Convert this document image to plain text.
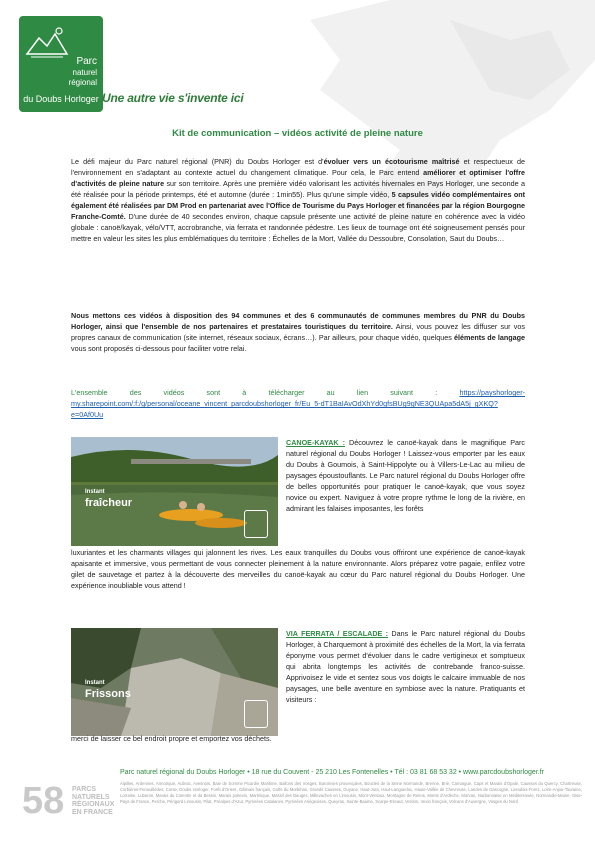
Parc
naturel
régional
du Doubs Horloger Une autre vie s'invente ici
Kit de communication – vidéos activité de pleine nature
Le défi majeur du Parc naturel régional (PNR) du Doubs Horloger est d'évoluer vers un écotourisme maîtrisé et respectueux de l'environnement en s'adaptant au contexte actuel du changement climatique. Pour cela, le Parc entend améliorer et optimiser l'offre d'activités de pleine nature sur son territoire. Après une première vidéo valorisant les activités hivernales en Pays Horloger, une seconde a été réalisée pour la période printemps, été et automne (durée : 1min55). Plus qu'une simple vidéo, 5 capsules vidéo complémentaires ont également été réalisées par DM Prod en partenariat avec l'Office de Tourisme du Pays Horloger et financées par la région Bourgogne Franche-Comté. D'une durée de 40 secondes environ, chaque capsule présente une activité de pleine nature en cohérence avec la vidéo globale : canoë/kayak, vélo/VTT, accrobranche, via ferrata et randonnée pédestre. Les lieux de tournage ont été soigneusement pensés pour mettre en valeur les sites les plus emblématiques du territoire : Échelles de la Mort, Vallée du Dessoubre, Consolation, Saut du Doubs…
Nous mettons ces vidéos à disposition des 94 communes et des 6 communautés de communes membres du PNR du Doubs Horloger, ainsi que l'ensemble de nos partenaires et prestataires touristiques du territoire. Ainsi, vous pouvez les diffuser sur vos propres canaux de communication (site internet, réseaux sociaux, écrans…). Par ailleurs, pour chaque vidéo, quelques éléments de langage vous sont proposés ci-dessous pour faciliter votre relai.
L'ensemble des vidéos sont à télécharger au lien suivant : https://payshorloger-my.sharepoint.com/:f:/g/personal/oceane_vincent_parcdoubshorloger_fr/Eu_5-dT1BaIAvOdXhYd0gfsBUg9gNE3QUApa5dA5j_gXKQ?e=0Af0Uu
Instant
fraîcheur
CANOE-KAYAK : Découvrez le canoë-kayak dans le magnifique Parc naturel régional du Doubs Horloger ! Laissez-vous emporter par les eaux du Doubs à Goumois, à Saint-Hippolyte ou à Villers-Le-Lac au milieu de paysages époustouflants. Le Parc naturel régional du Doubs Horloger offre de belles opportunités pour pratiquer le canoë-kayak, que vous soyez novice ou expert. Naviguez à votre propre rythme le long de la rivière, en admirant les falaises imposantes, les forêts
luxuriantes et les charmants villages qui jalonnent les rives. Les eaux tranquilles du Doubs vous offriront une expérience de canoë-kayak apaisante et immersive, vous permettant de vous connecter pleinement à la nature environnante. Alors préparez votre pagaie, enfilez votre gilet de sauvetage et partez à la découverte des merveilles du canoë-kayak au cœur du Parc naturel régional du Doubs Horloger. Une expérience inoubliable vous attend !
Instant
Frissons
VIA FERRATA / ESCALADE : Dans le Parc naturel régional du Doubs Horloger, à Charquemont à proximité des échelles de la Mort, la via ferrata éponyme vous permet d'évoluer dans le cadre vertigineux et somptueux qui abrita longtemps les activités de contrebande franco-suisse. Apprivoisez le vide et sentez sous vos doigts le calcaire immuable de nos paysages, une belle aventure en symbiose avec la nature. Pratiquants et visiteurs :
merci de laisser ce bel endroit propre et emportez vos déchets.
Parc naturel régional du Doubs Horloger • 18 rue du Couvent - 25 210 Les Fontenelles • Tél : 03 81 68 53 32 • www.parcdoubshorloger.fr
58 PARCS
NATURELS
RÉGIONAUX
EN FRANCE
Alpilles, Ardennes, Armorique, Aubrac, Avesnois, Baie de Somme Picardie Maritime, Ballons des Vosges, Baronnies provençales, Boucles de la Seine Normande, Brenne, Briè, Camargue, Caps et Marais d'Opale, Causses du Quercy, Chartreuse, Corbières-Fenouillèdes, Corse, Doubs Horloger, Forêt d'Orient, Gâtinais français, Golfe du Morbihan, Grands Causses, Guyane, Haut-Jura, Haut-Languedoc, Haute-Vallée de Chevreuse, Landes de Gascogne, Livradois-Forez, Loire-Anjou-Touraine, Lorraine, Luberon, Marais du Cotentin et du Bessin, Marais poitevin, Martinique, Massif des Bauges, Millevaches en Limousin, Mont-Ventoux, Montagne de Reims, Monts d'Ardèche, Morvan, Narbonnaise en Méditerranée, Normandie-Maine, Oise-Pays de France, Perche, Périgord Limousin, Pilat, Préalpes d'Azur, Pyrénées Catalanes, Pyrénées Ariégeoises, Queyras, Sainte-Baume, Scarpe-Escaut, Verdon, Vexin français, Volcans d'Auvergne, Vosges du Nord
